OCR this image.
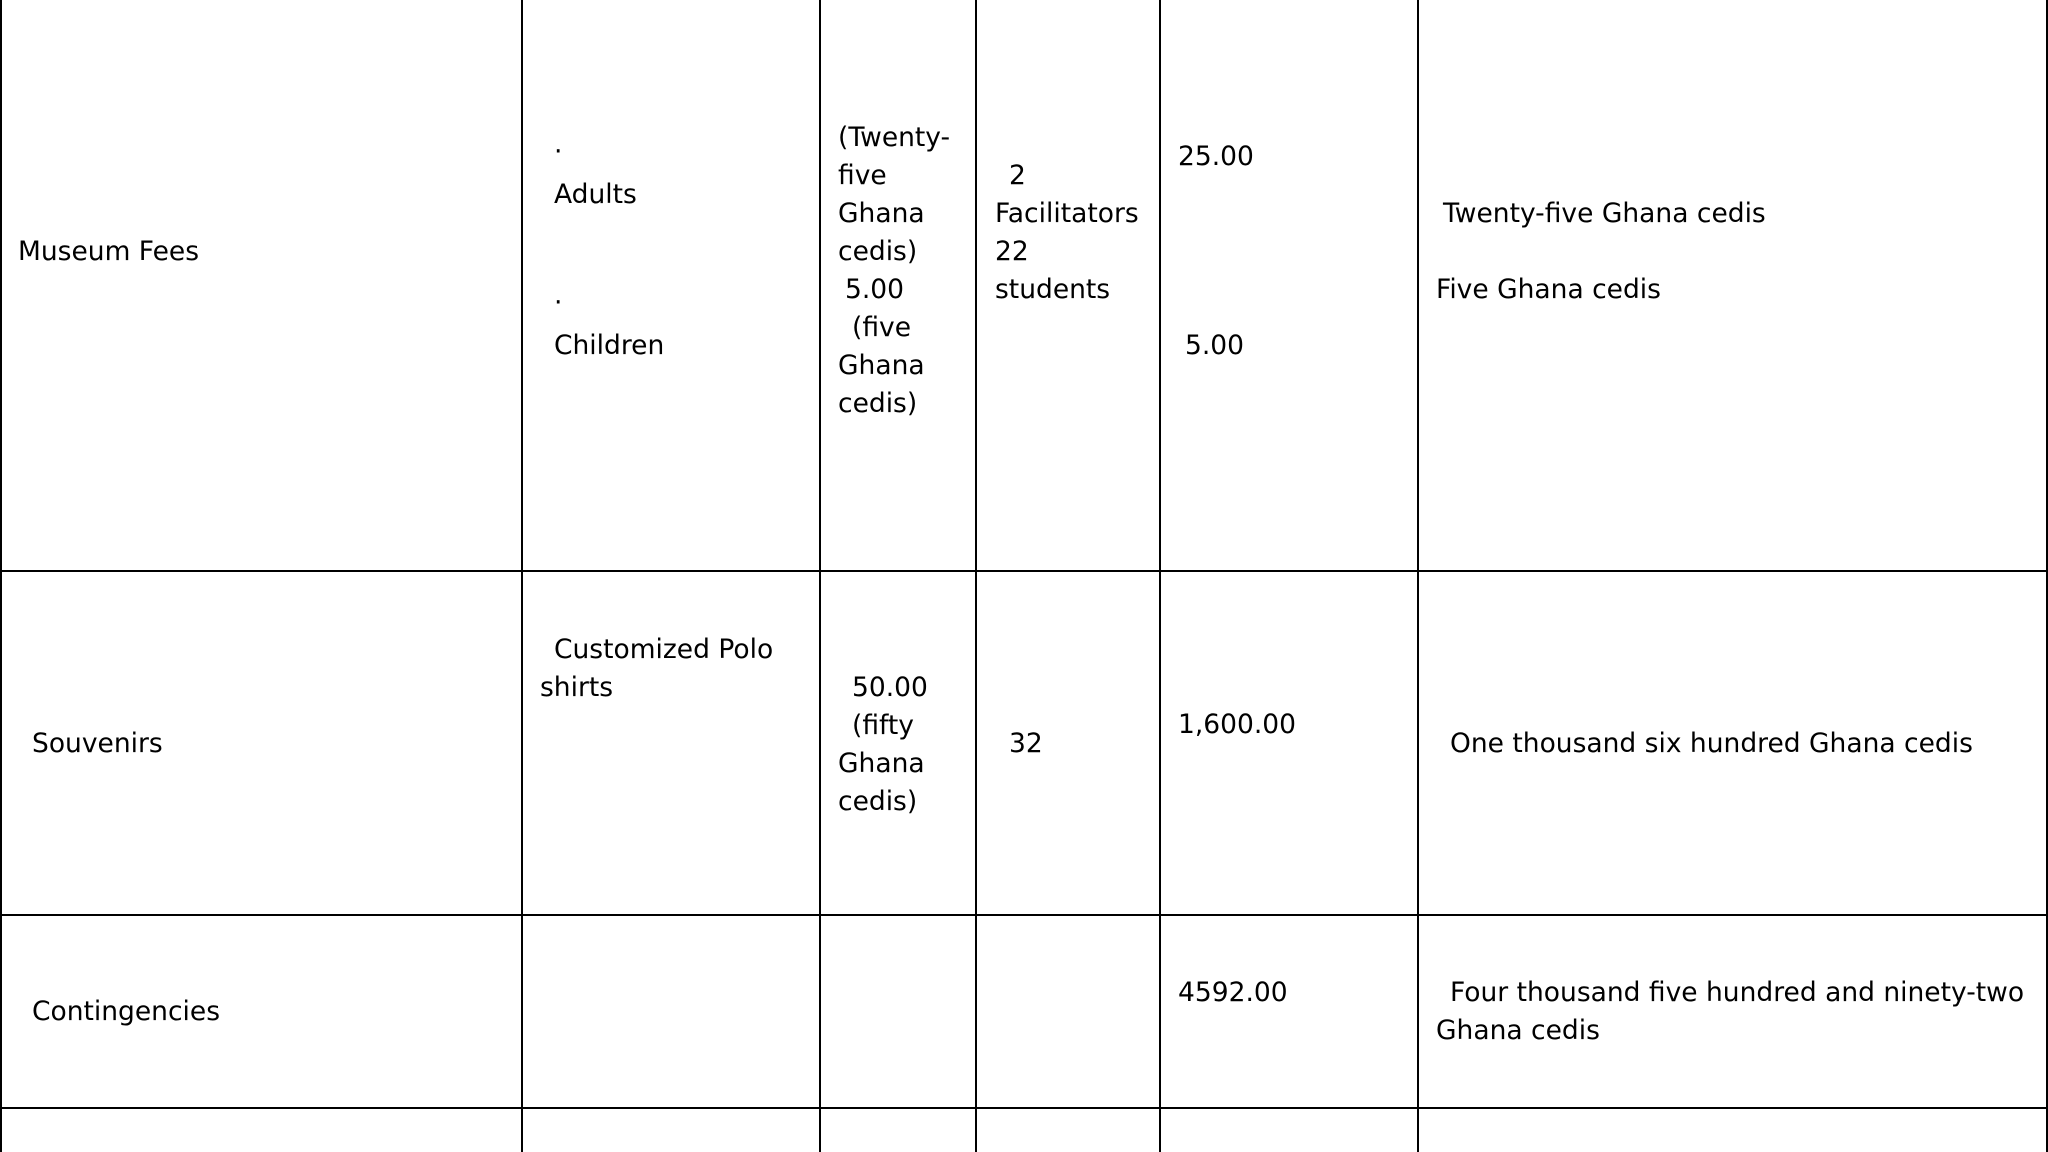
Museum Fees
·
Adults
·
Children
(Twenty-
five
Ghana
cedis)
5.00
(five
Ghana
cedis)
2
Facilitators
22
students
25.00
5.00
Twenty-five Ghana cedis
Five Ghana cedis
Souvenirs
Customized Polo
shirts	50.00
(fifty
Ghana
cedis)
32
1,600.00
One thousand six hundred Ghana cedis
Contingencies
4592.00	Four thousand five hundred and ninety-two
Ghana cedis
